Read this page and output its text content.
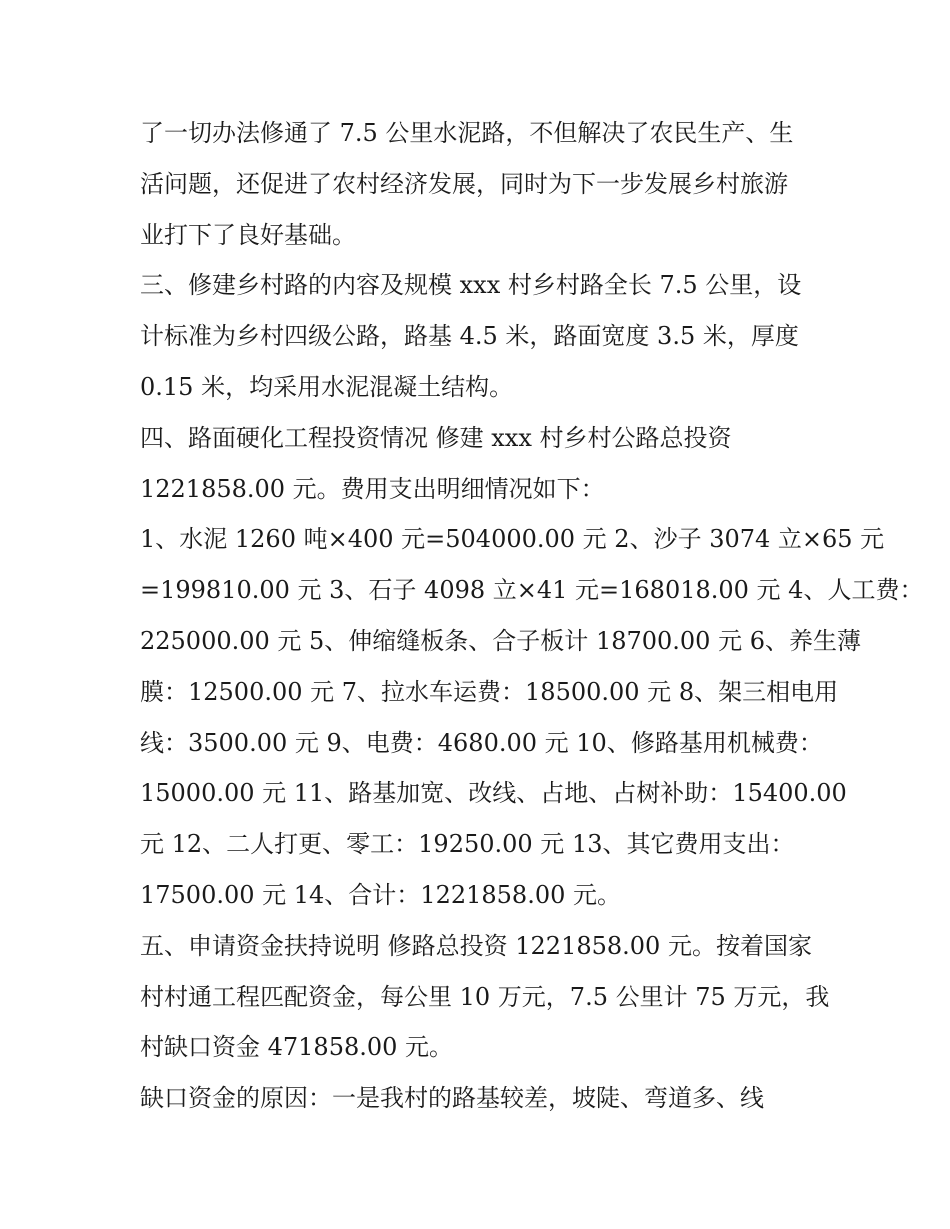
了一切办法修通了 7.5 公里水泥路，不但解决了农民生产、生
活问题，还促进了农村经济发展，同时为下一步发展乡村旅游
业打下了良好基础。
三、修建乡村路的内容及规模 xxx 村乡村路全长 7.5 公里，设
计标准为乡村四级公路，路基 4.5 米，路面宽度 3.5 米，厚度
0.15 米，均采用水泥混凝土结构。
四、路面硬化工程投资情况 修建 xxx 村乡村公路总投资
1221858.00 元。费用支出明细情况如下：
1、水泥 1260 吨×400 元=504000.00 元 2、沙子 3074 立×65 元
=199810.00 元 3、石子 4098 立×41 元=168018.00 元 4、人工费：
225000.00 元 5、伸缩缝板条、合子板计 18700.00 元 6、养生薄
膜：12500.00 元 7、拉水车运费：18500.00 元 8、架三相电用
线：3500.00 元 9、电费：4680.00 元 10、修路基用机械费：
15000.00 元 11、路基加宽、改线、占地、占树补助：15400.00
元 12、二人打更、零工：19250.00 元 13、其它费用支出：
17500.00 元 14、合计：1221858.00 元。
五、申请资金扶持说明 修路总投资 1221858.00 元。按着国家
村村通工程匹配资金，每公里 10 万元，7.5 公里计 75 万元，我
村缺口资金 471858.00 元。
缺口资金的原因：一是我村的路基较差，坡陡、弯道多、线
